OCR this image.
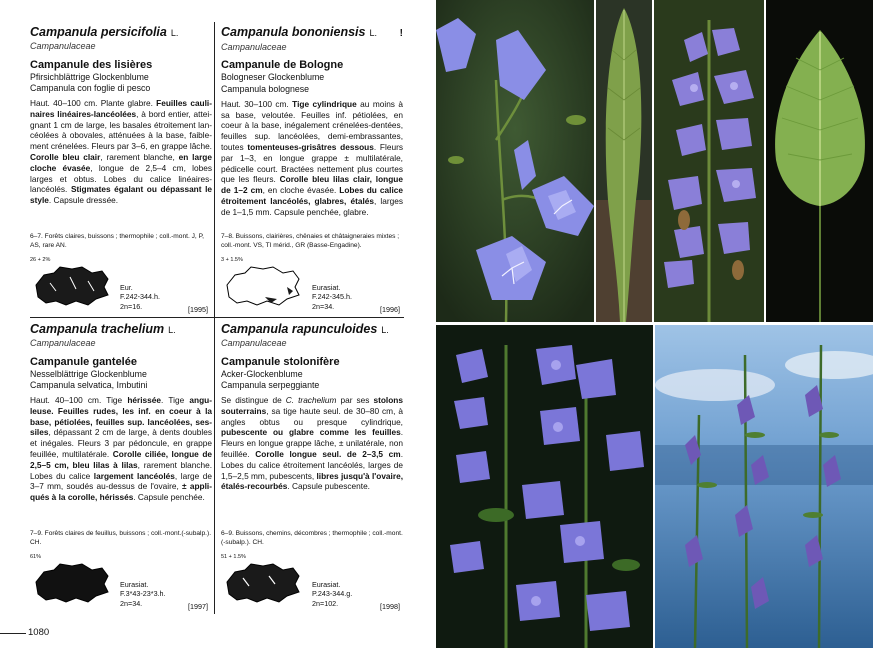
Campanula persicifolia L.
Campanulaceae
Campanule des lisières
Pfirsichblättrige Glockenblume
Campanula con foglie di pesco
Haut. 40–100 cm. Plante glabre. Feuilles caulinaires linéaires-lancéolées, à bord entier, atteignant 1 cm de large, les basales étroitement lancéolées à obovales, atténuées à la base, faiblement crénelées. Fleurs par 3–6, en grappe lâche. Corolle bleu clair, rarement blanche, en large cloche évasée, longue de 2,5–4 cm, lobes larges et obtus. Lobes du calice linéaires-lancéolés. Stigmates égalant ou dépassant le style. Capsule dressée.
6–7. Forêts claires, buissons ; thermophile ; coll.-mont. J, P, AS, rare AN.
26 + 2%
Eur.
F.242-344.h.
2n=16.	[1995]
Campanula bononiensis L. !
Campanulaceae
Campanule de Bologne
Bologneser Glockenblume
Campanula bolognese
Haut. 30–100 cm. Tige cylindrique au moins à sa base, veloutée. Feuilles inf. pétiolées, en coeur à la base, inégalement crénelées-dentées, feuilles sup. lancéolées, demi-embrassantes, toutes tomenteuses-grisâtres dessous. Fleurs par 1–3, en longue grappe ± multilatérale, pédicelle court. Bractées nettement plus courtes que les fleurs. Corolle bleu lilas clair, longue de 1–2 cm, en cloche évasée. Lobes du calice étroitement lancéolés, glabres, étalés, larges de 1–1,5 mm. Capsule penchée, glabre.
7–8. Buissons, clairières, chênaies et châtaigneraies mixtes ; coll.-mont. VS, TI mérid., GR (Basse-Engadine).
3 + 1.5%
Eurasiat.
F.242-345.h.
2n=34.	[1996]
Campanula trachelium L.
Campanulaceae
Campanule gantelée
Nesselblättrige Glockenblume
Campanula selvatica, Imbutini
Haut. 40–100 cm. Tige hérissée. Tige anguleuse. Feuilles rudes, les inf. en coeur à la base, pétiolées, feuilles sup. lancéolées, sessiles, dépassant 2 cm de large, à dents doubles et inégales. Fleurs 3 par pédoncule, en grappe feuillée, multilatérale. Corolle ciliée, longue de 2,5–5 cm, bleu lilas à lilas, rarement blanche. Lobes du calice largement lancéolés, large de 3–7 mm, soudés au-dessus de l'ovaire, ± appliqués à la corolle, hérissés. Capsule penchée.
7–9. Forêts claires de feuillus, buissons ; coll.-mont.(-subalp.). CH.
61%
Eurasiat.
F.3*43-23*3.h.
2n=34.	[1997]
Campanula rapunculoides L.
Campanulaceae
Campanule stolonifère
Acker-Glockenblume
Campanula serpeggiante
Se distingue de C. trachelium par ses stolons souterrains, sa tige haute seul. de 30–80 cm, à angles obtus ou presque cylindrique, pubescente ou glabre comme les feuilles. Fleurs en longue grappe lâche, ± unilatérale, non feuillée. Corolle longue seul. de 2–3,5 cm. Lobes du calice étroitement lancéolés, larges de 1,5–2,5 mm, pubescents, libres jusqu'à l'ovaire, étalés-recourbés. Capsule pubescente.
6–9. Buissons, chemins, décombres ; thermophile ; coll.-mont.(-subalp.). CH.
51 + 1.5%
Eurasiat.
P.243-344.g.
2n=102.	[1998]
1080
